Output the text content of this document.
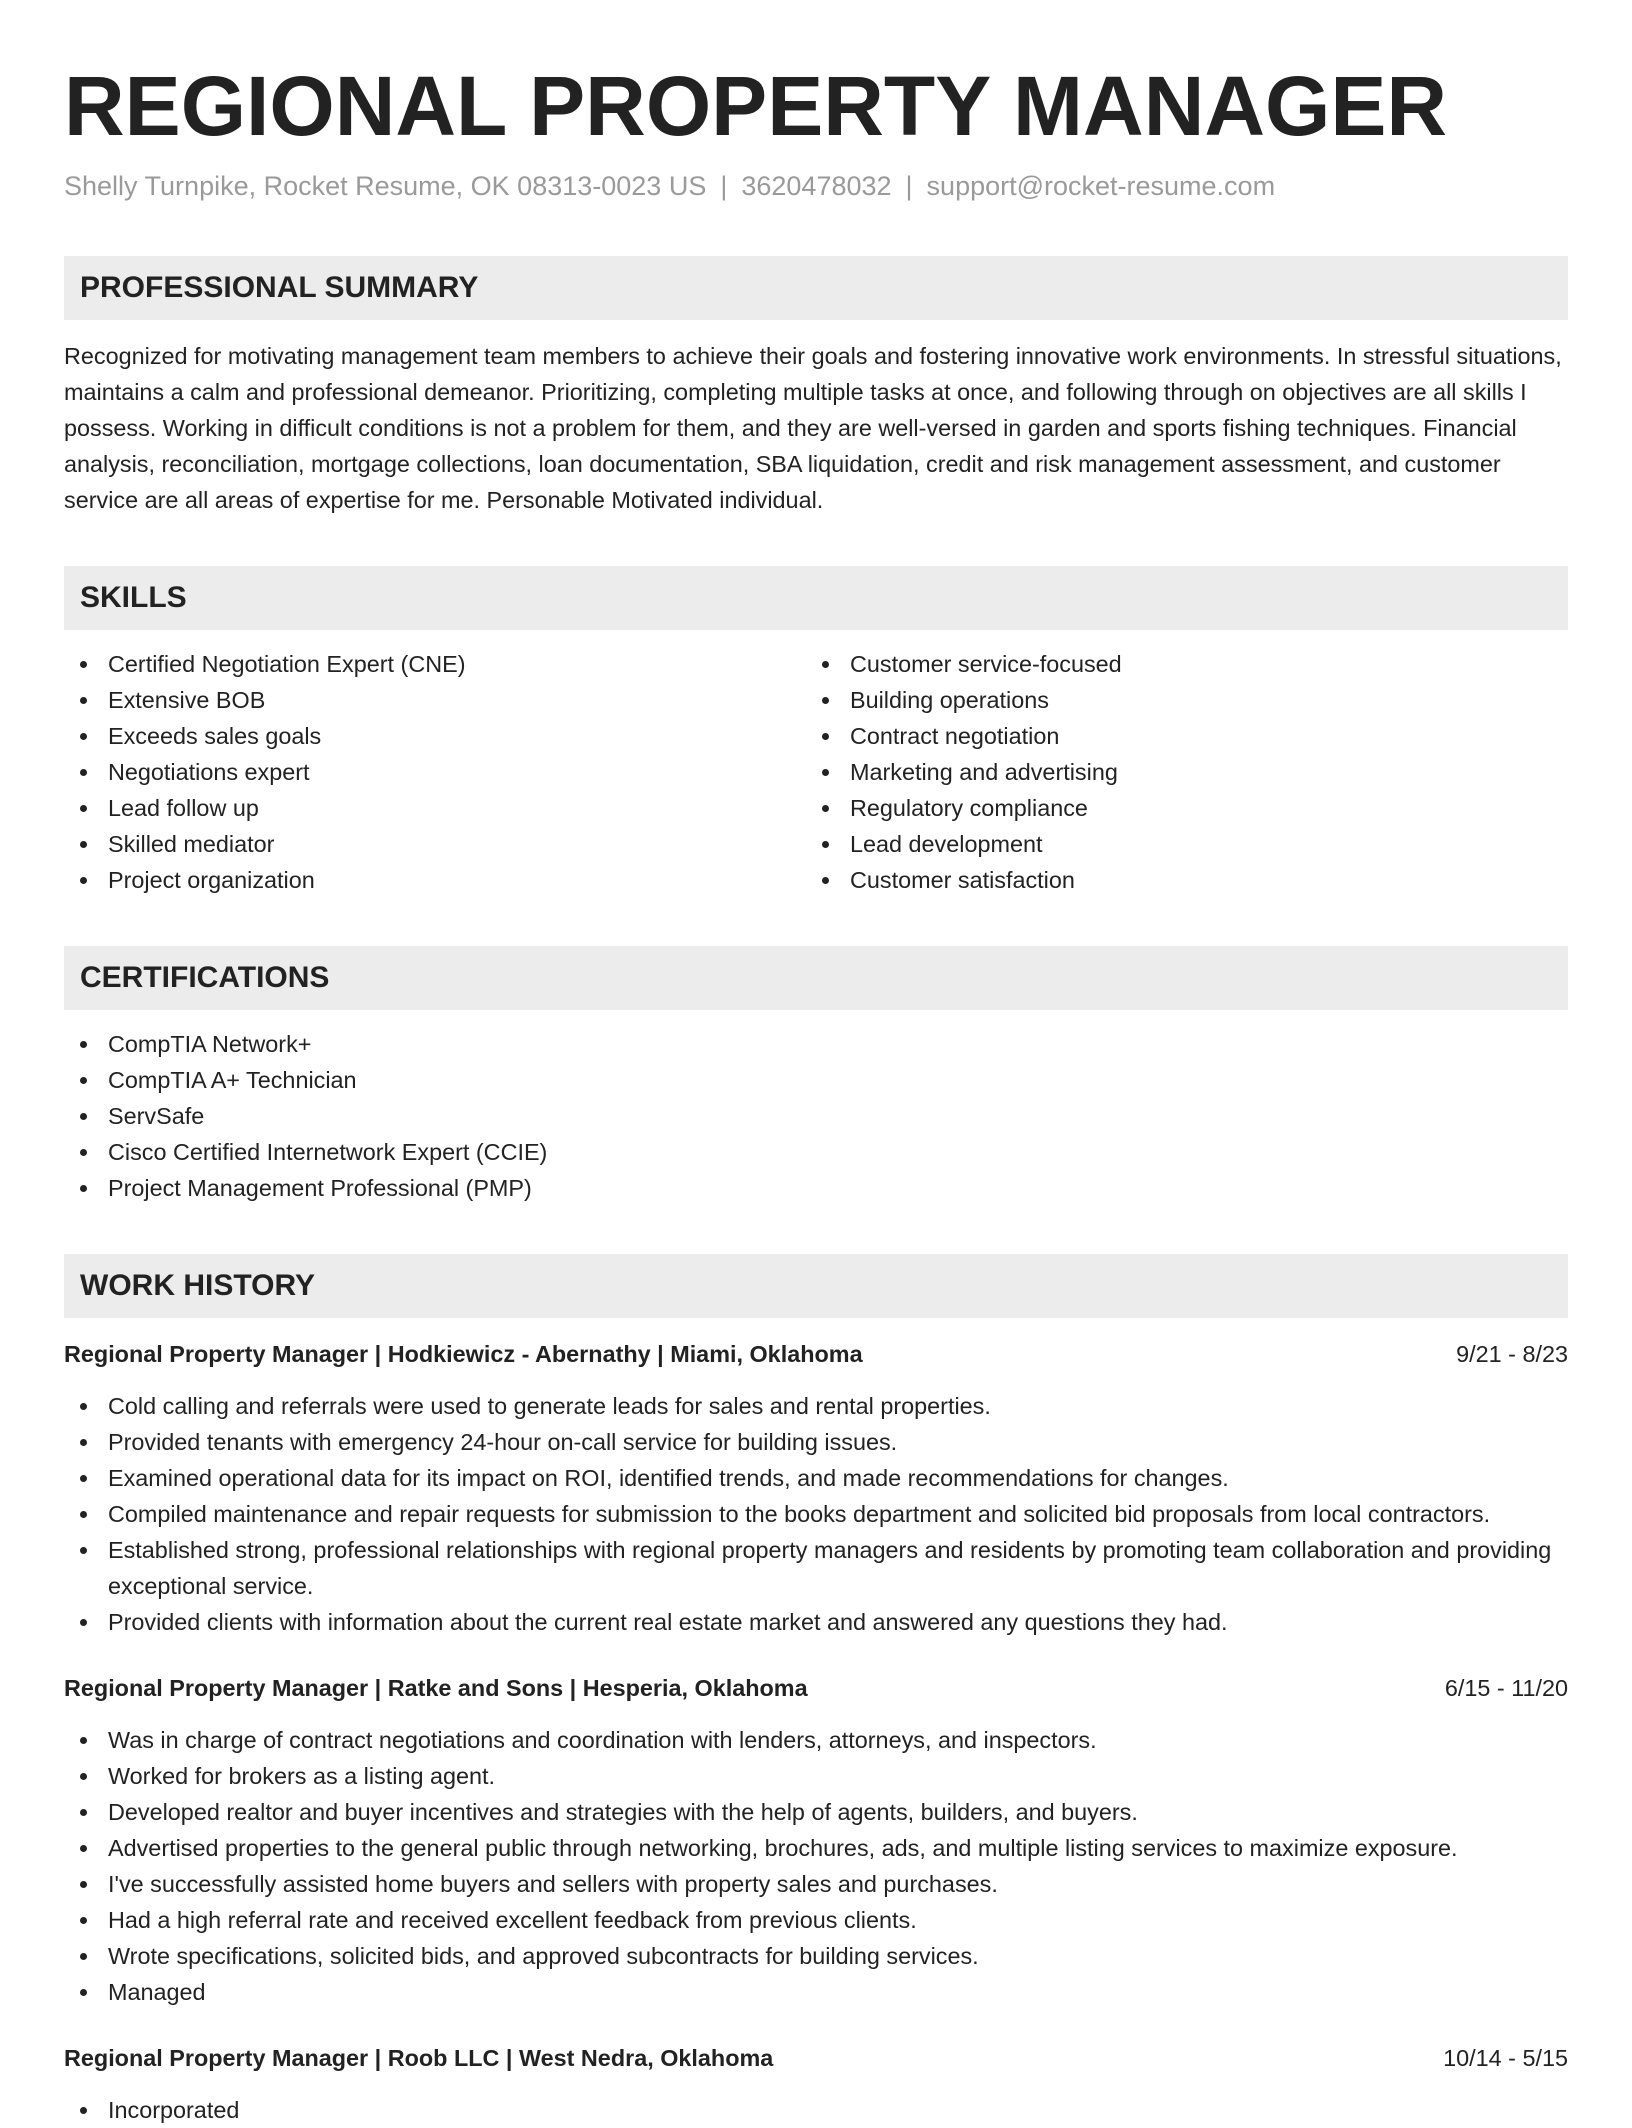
REGIONAL PROPERTY MANAGER
Shelly Turnpike, Rocket Resume, OK 08313-0023 US | 3620478032 | support@rocket-resume.com
PROFESSIONAL SUMMARY

Recognized for motivating management team members to achieve their goals and fostering innovative work environments. In stressful situations, maintains a calm and professional demeanor. Prioritizing, completing multiple tasks at once, and following through on objectives are all skills I possess. Working in difficult conditions is not a problem for them, and they are well-versed in garden and sports fishing techniques. Financial analysis, reconciliation, mortgage collections, loan documentation, SBA liquidation, credit and risk management assessment, and customer service are all areas of expertise for me. Personable Motivated individual.

SKILLS
Certified Negotiation Expert (CNE)
Extensive BOB
Exceeds sales goals
Negotiations expert
Lead follow up
Skilled mediator
Project organization
Customer service-focused
Building operations
Contract negotiation
Marketing and advertising
Regulatory compliance
Lead development
Customer satisfaction
CERTIFICATIONS
CompTIA Network+
CompTIA A+ Technician
ServSafe
Cisco Certified Internetwork Expert (CCIE)
Project Management Professional (PMP)
WORK HISTORY
Regional Property Manager | Hodkiewicz - Abernathy | Miami, Oklahoma	9/21 - 8/23
Cold calling and referrals were used to generate leads for sales and rental properties.
Provided tenants with emergency 24-hour on-call service for building issues.
Examined operational data for its impact on ROI, identified trends, and made recommendations for changes.
Compiled maintenance and repair requests for submission to the books department and solicited bid proposals from local contractors.
Established strong, professional relationships with regional property managers and residents by promoting team collaboration and providing exceptional service.
Provided clients with information about the current real estate market and answered any questions they had.
Regional Property Manager | Ratke and Sons | Hesperia, Oklahoma	6/15 - 11/20
Was in charge of contract negotiations and coordination with lenders, attorneys, and inspectors.
Worked for brokers as a listing agent.
Developed realtor and buyer incentives and strategies with the help of agents, builders, and buyers.
Advertised properties to the general public through networking, brochures, ads, and multiple listing services to maximize exposure.
I've successfully assisted home buyers and sellers with property sales and purchases.
Had a high referral rate and received excellent feedback from previous clients.
Wrote specifications, solicited bids, and approved subcontracts for building services.
Managed
Regional Property Manager | Roob LLC | West Nedra, Oklahoma	10/14 - 5/15
Incorporated
